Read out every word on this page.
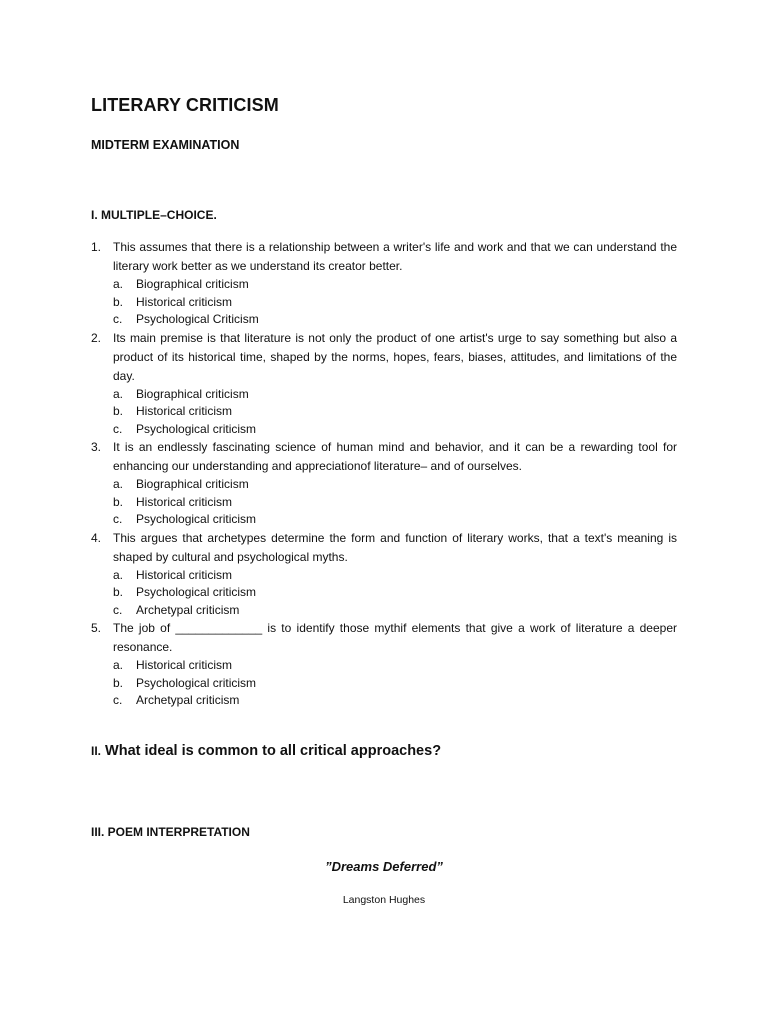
LITERARY CRITICISM
MIDTERM EXAMINATION
I. MULTIPLE–CHOICE.
1. This assumes that there is a relationship between a writer's life and work and that we can understand the literary work better as we understand its creator better.
a. Biographical criticism
b. Historical criticism
c. Psychological Criticism
2. Its main premise is that literature is not only the product of one artist's urge to say something but also a product of its historical time, shaped by the norms, hopes, fears, biases, attitudes, and limitations of the day.
a. Biographical criticism
b. Historical criticism
c. Psychological criticism
3. It is an endlessly fascinating science of human mind and behavior, and it can be a rewarding tool for enhancing our understanding and appreciationof literature– and of ourselves.
a. Biographical criticism
b. Historical criticism
c. Psychological criticism
4. This argues that archetypes determine the form and function of literary works, that a text's meaning is shaped by cultural and psychological myths.
a. Historical criticism
b. Psychological criticism
c. Archetypal criticism
5. The job of _____________ is to identify those mythif elements that give a work of literature a deeper resonance.
a. Historical criticism
b. Psychological criticism
c. Archetypal criticism
II. What ideal is common to all critical approaches?
III. POEM INTERPRETATION

”Dreams Deferred”

Langston Hughes
